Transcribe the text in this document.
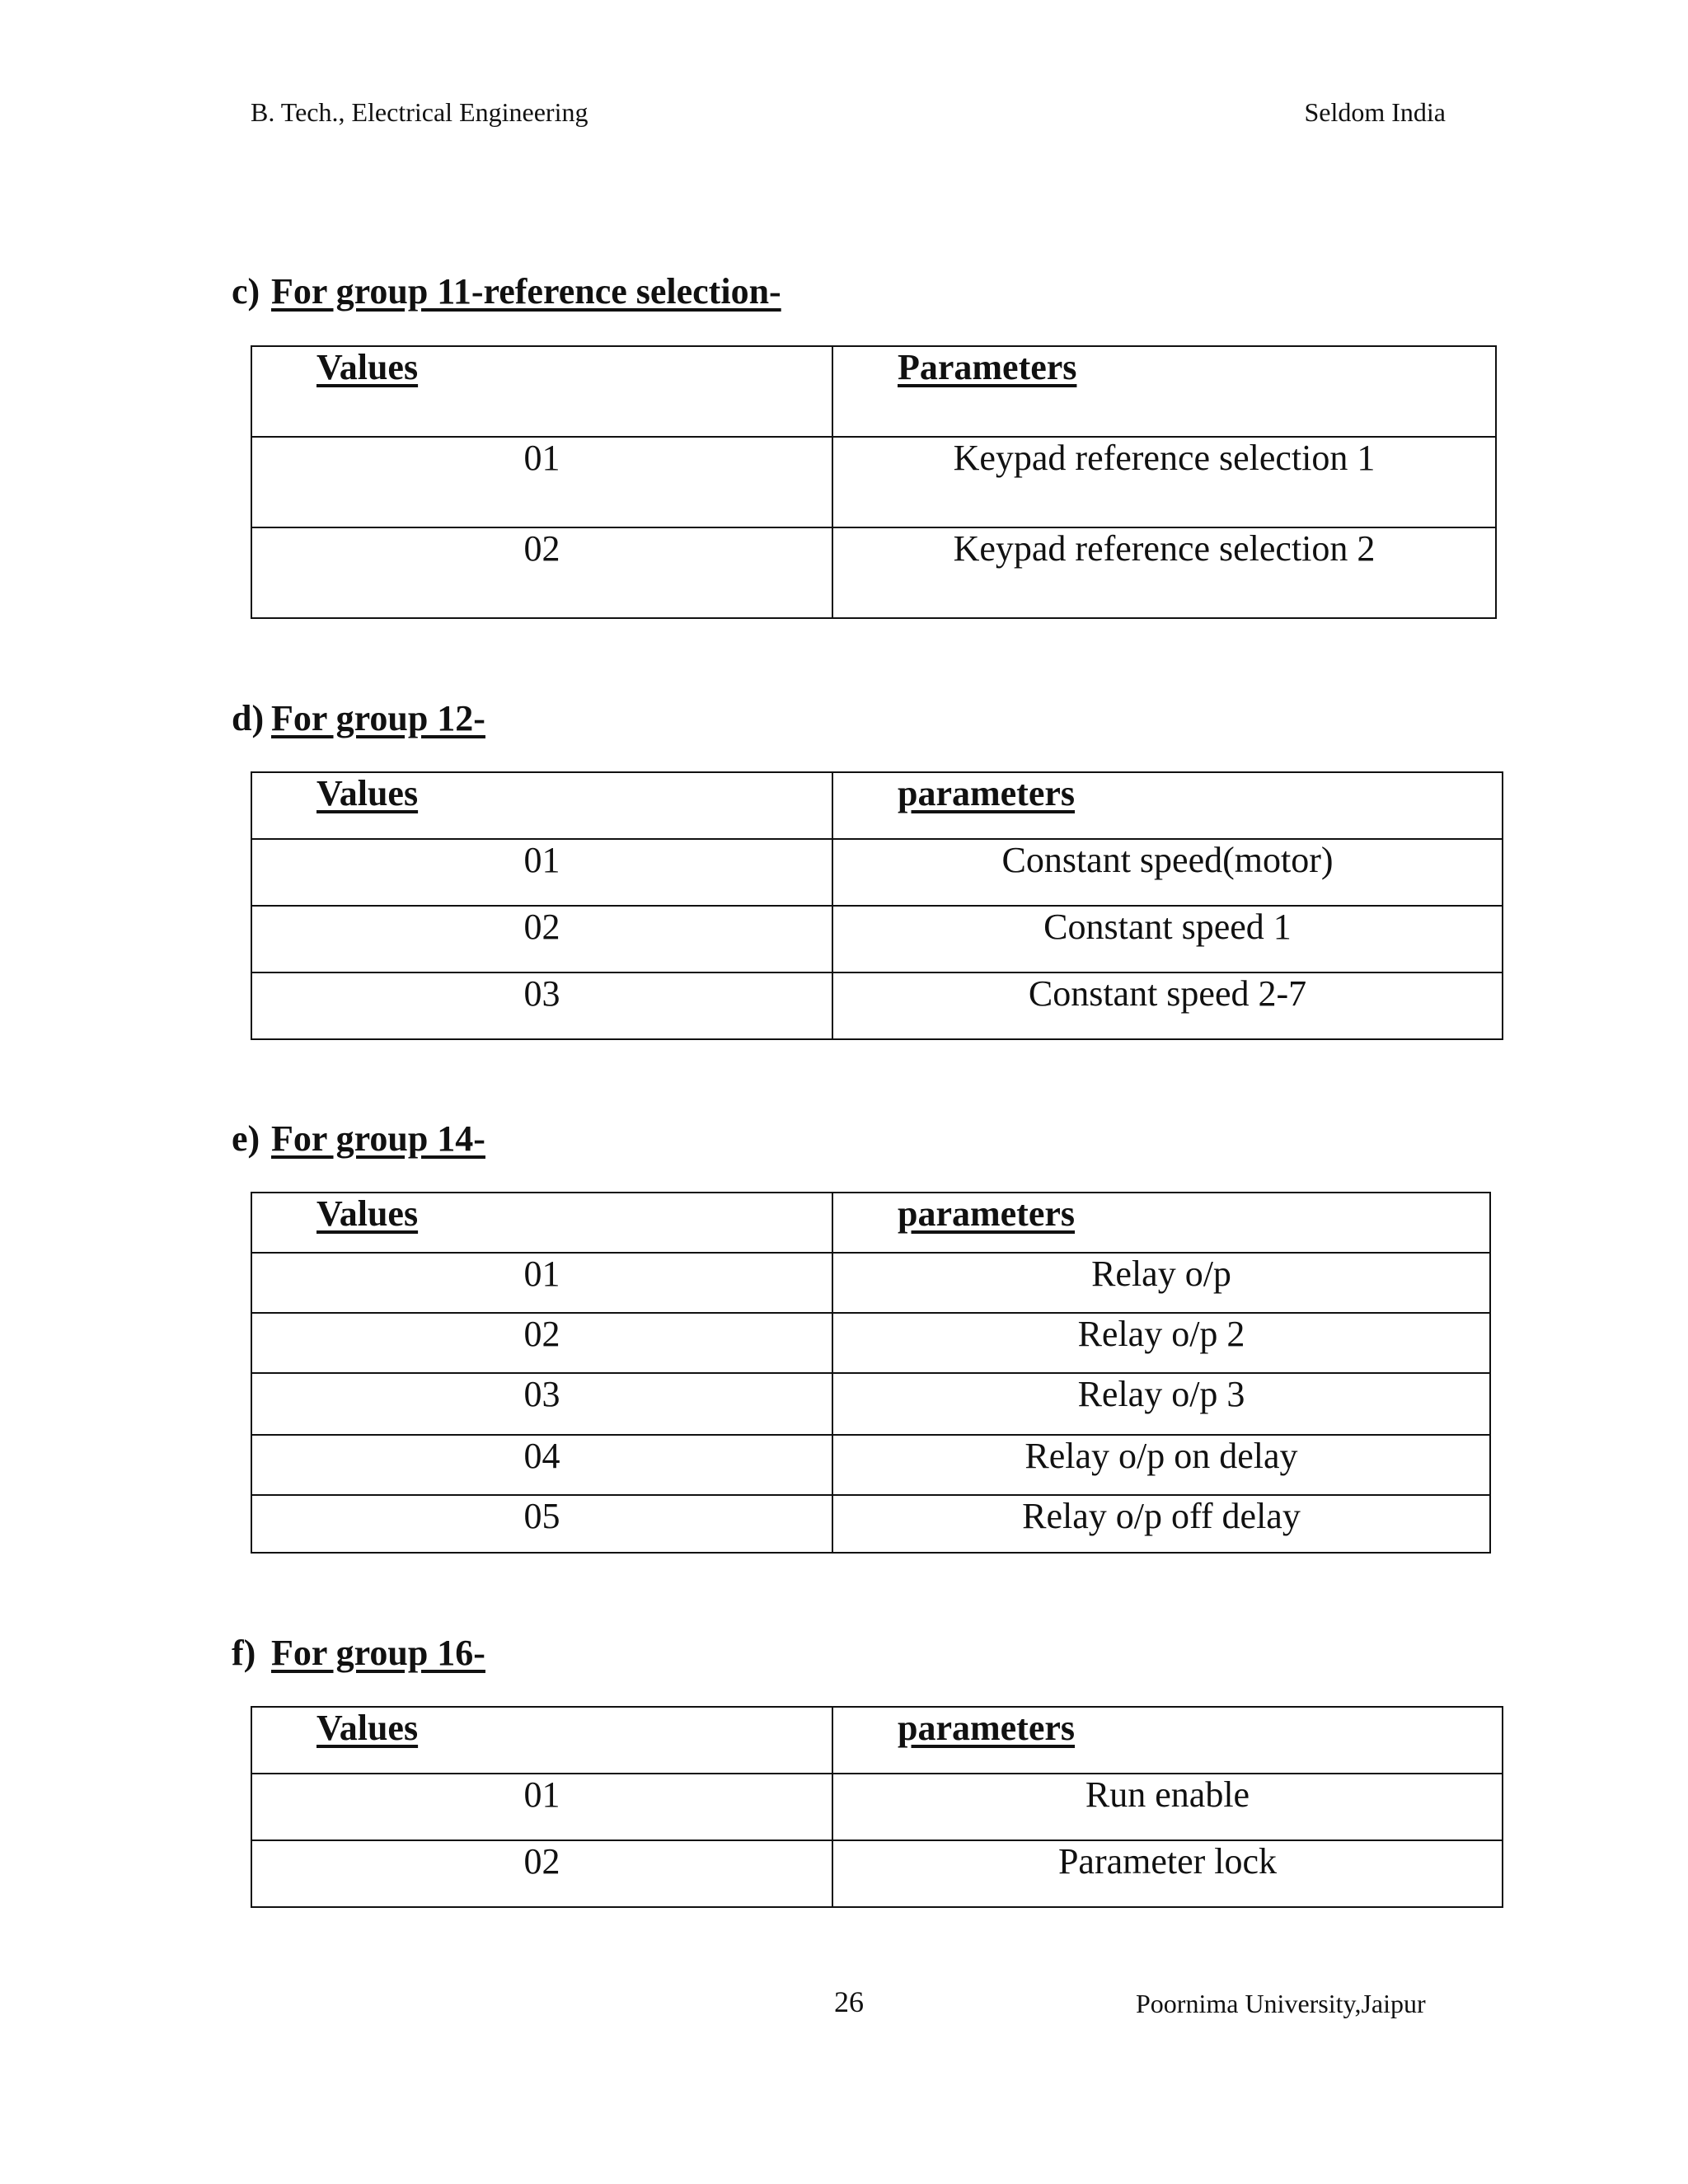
B. Tech., Electrical Engineering	Seldom India
c) For group 11-reference selection-
Values	Parameters
01	Keypad reference selection 1
02	Keypad reference selection 2
d) For group 12-
Values	parameters
01	Constant speed(motor)
02	Constant speed 1
03	Constant speed 2-7
e) For group 14-
Values	parameters
01	Relay o/p
02	Relay o/p 2
03	Relay o/p 3
04	Relay o/p on delay
05	Relay o/p off delay
f) For group 16-
Values	parameters
01	Run enable
02	Parameter lock
26	Poornima University,Jaipur
